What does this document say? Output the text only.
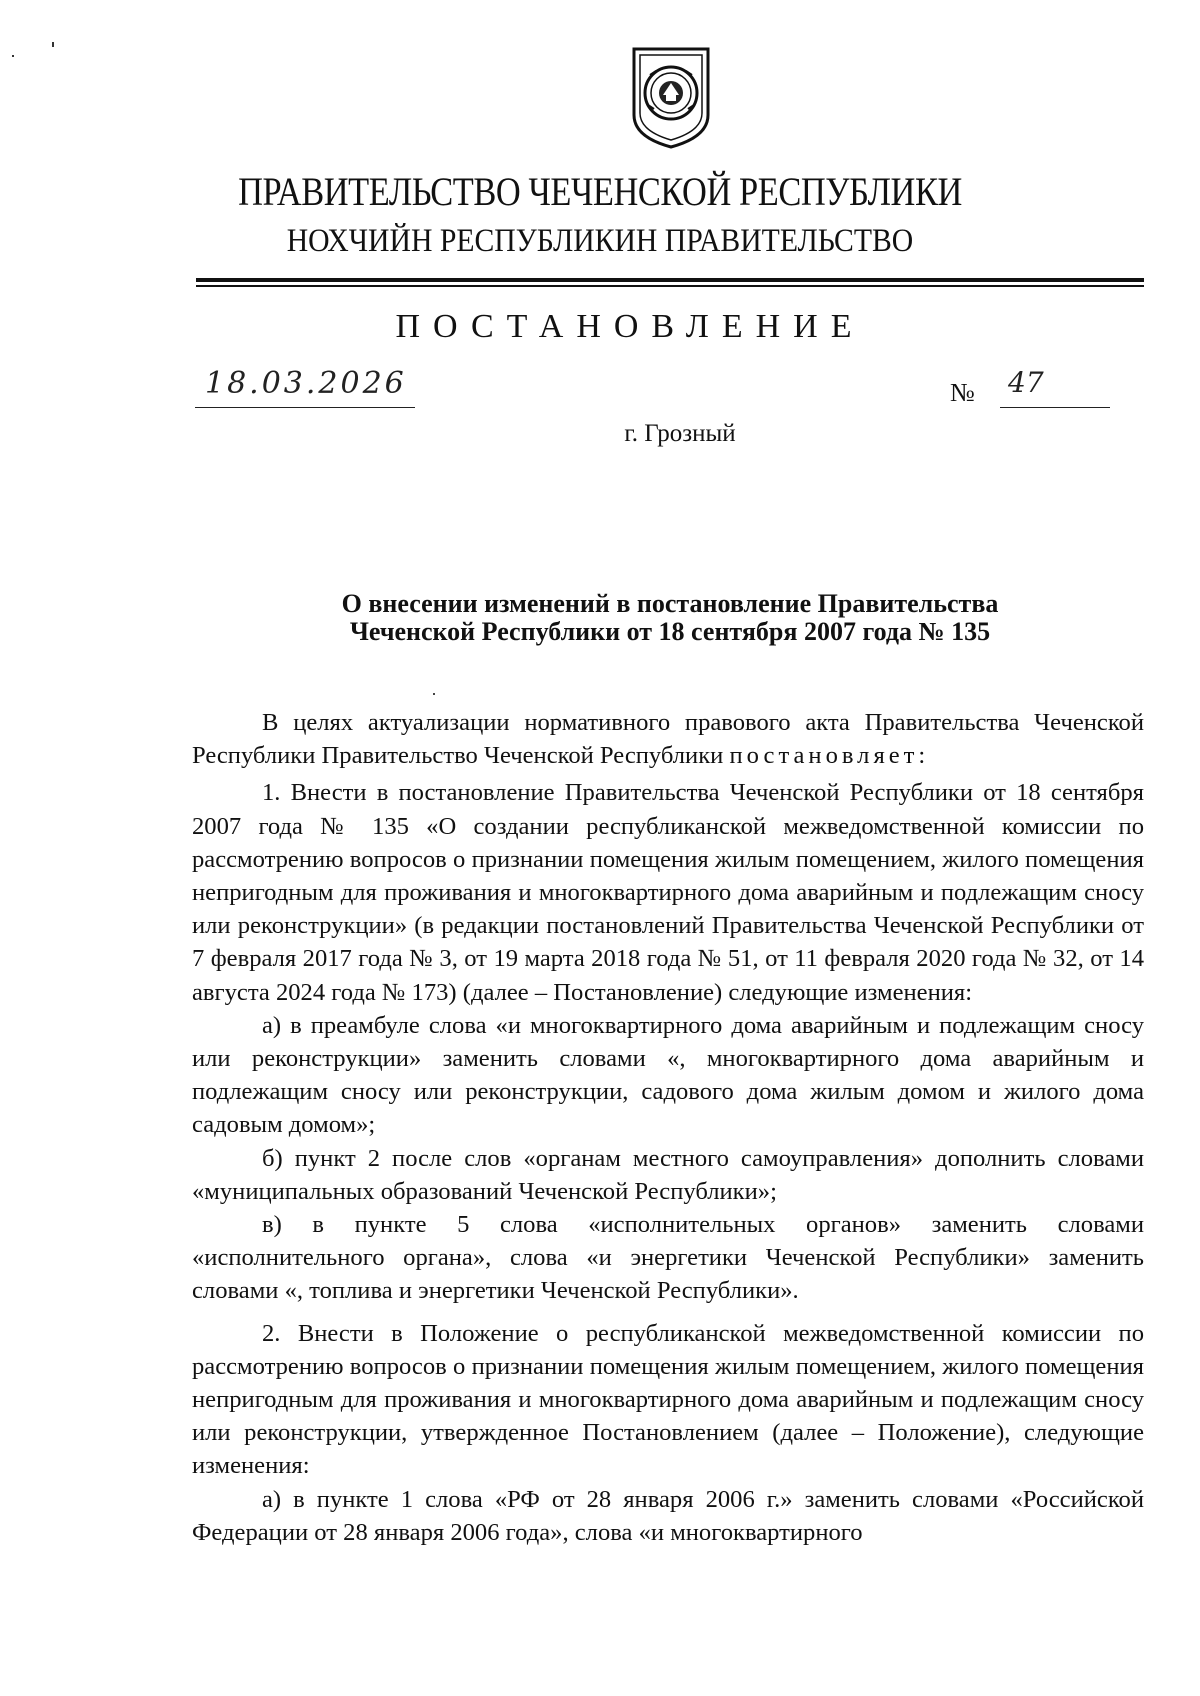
ПРАВИТЕЛЬСТВО ЧЕЧЕНСКОЙ РЕСПУБЛИКИ
НОХЧИЙН РЕСПУБЛИКИН ПРАВИТЕЛЬСТВО
ПОСТАНОВЛЕНИЕ
18.03.2026	№ 47
г. Грозный
О внесении изменений в постановление Правительства
Чеченской Республики от 18 сентября 2007 года № 135

В целях актуализации нормативного правового акта Правительства Чеченской Республики Правительство Чеченской Республики постановляет:

1. Внести в постановление Правительства Чеченской Республики от 18 сентября 2007 года № 135 «О создании республиканской межведомственной комиссии по рассмотрению вопросов о признании помещения жилым помещением, жилого помещения непригодным для проживания и многоквартирного дома аварийным и подлежащим сносу или реконструкции» (в редакции постановлений Правительства Чеченской Республики от 7 февраля 2017 года № 3, от 19 марта 2018 года № 51, от 11 февраля 2020 года № 32, от 14 августа 2024 года № 173) (далее – Постановление) следующие изменения:

а) в преамбуле слова «и многоквартирного дома аварийным и подлежащим сносу или реконструкции» заменить словами «, многоквартирного дома аварийным и подлежащим сносу или реконструкции, садового дома жилым домом и жилого дома садовым домом»;

б) пункт 2 после слов «органам местного самоуправления» дополнить словами «муниципальных образований Чеченской Республики»;

в) в пункте 5 слова «исполнительных органов» заменить словами «исполнительного органа», слова «и энергетики Чеченской Республики» заменить словами «, топлива и энергетики Чеченской Республики».

2. Внести в Положение о республиканской межведомственной комиссии по рассмотрению вопросов о признании помещения жилым помещением, жилого помещения непригодным для проживания и многоквартирного дома аварийным и подлежащим сносу или реконструкции, утвержденное Постановлением (далее – Положение), следующие изменения:

а) в пункте 1 слова «РФ от 28 января 2006 г.» заменить словами «Российской Федерации от 28 января 2006 года», слова «и многоквартирного
